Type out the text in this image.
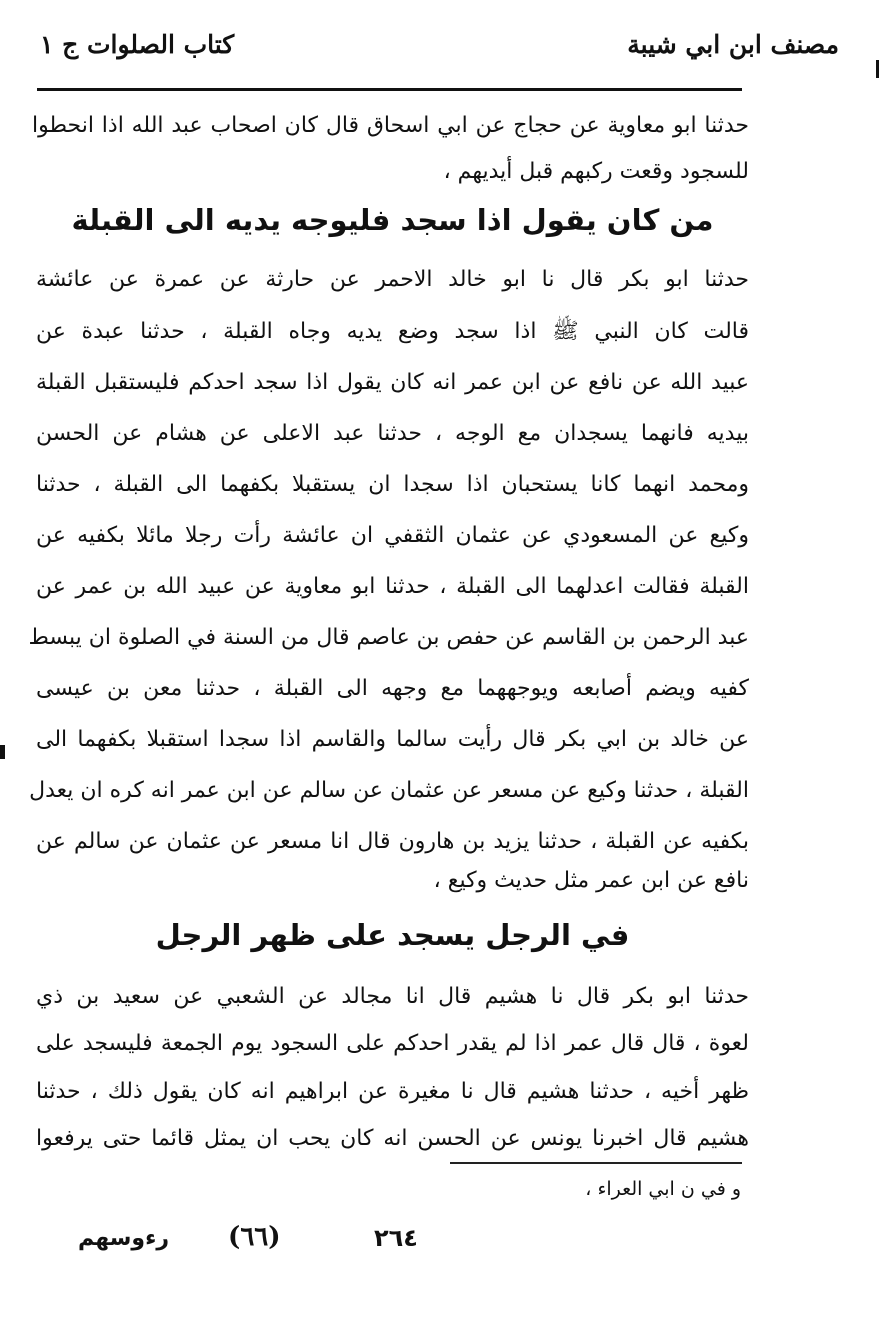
مصنف ابن ابي شيبة
كتاب الصلوات ج ١
حدثنا ابو معاوية عن حجاج عن ابي اسحاق قال كان اصحاب عبد الله اذا انحطوا
للسجود وقعت ركبهم قبل أيديهم ،
من كان يقول اذا سجد فليوجه يديه الى القبلة
حدثنا ابو بكر قال نا ابو خالد الاحمر عن حارثة عن عمرة عن عائشة
قالت كان النبي ﷺ اذا سجد وضع يديه وجاه القبلة ، حدثنا عبدة عن
عبيد الله عن نافع عن ابن عمر انه كان يقول اذا سجد احدكم فليستقبل القبلة
بيديه فانهما يسجدان مع الوجه ، حدثنا عبد الاعلى عن هشام عن الحسن
ومحمد انهما كانا يستحبان اذا سجدا ان يستقبلا بكفهما الى القبلة ، حدثنا
وكيع عن المسعودي عن عثمان الثقفي ان عائشة رأت رجلا مائلا بكفيه عن
القبلة فقالت اعدلهما الى القبلة ، حدثنا ابو معاوية عن عبيد الله بن عمر عن
عبد الرحمن بن القاسم عن حفص بن عاصم قال من السنة في الصلوة ان يبسط
كفيه ويضم أصابعه ويوجههما مع وجهه الى القبلة ، حدثنا معن بن عيسى
عن خالد بن ابي بكر قال رأيت سالما والقاسم اذا سجدا استقبلا بكفهما الى
القبلة ، حدثنا وكيع عن مسعر عن عثمان عن سالم عن ابن عمر انه كره ان يعدل
بكفيه عن القبلة ، حدثنا يزيد بن هارون قال انا مسعر عن عثمان عن سالم عن
نافع عن ابن عمر مثل حديث وكيع ،
في الرجل يسجد على ظهر الرجل
حدثنا ابو بكر قال نا هشيم قال انا مجالد عن الشعبي عن سعيد بن ذي
لعوة ، قال قال عمر اذا لم يقدر احدكم على السجود يوم الجمعة فليسجد على
ظهر أخيه ، حدثنا هشيم قال نا مغيرة عن ابراهيم انه كان يقول ذلك ، حدثنا
هشيم قال اخبرنا يونس عن الحسن انه كان يحب ان يمثل قائما حتى يرفعوا
و في ن ابي العراء ،
رءوسهم (٦٦)	٢٦٤
